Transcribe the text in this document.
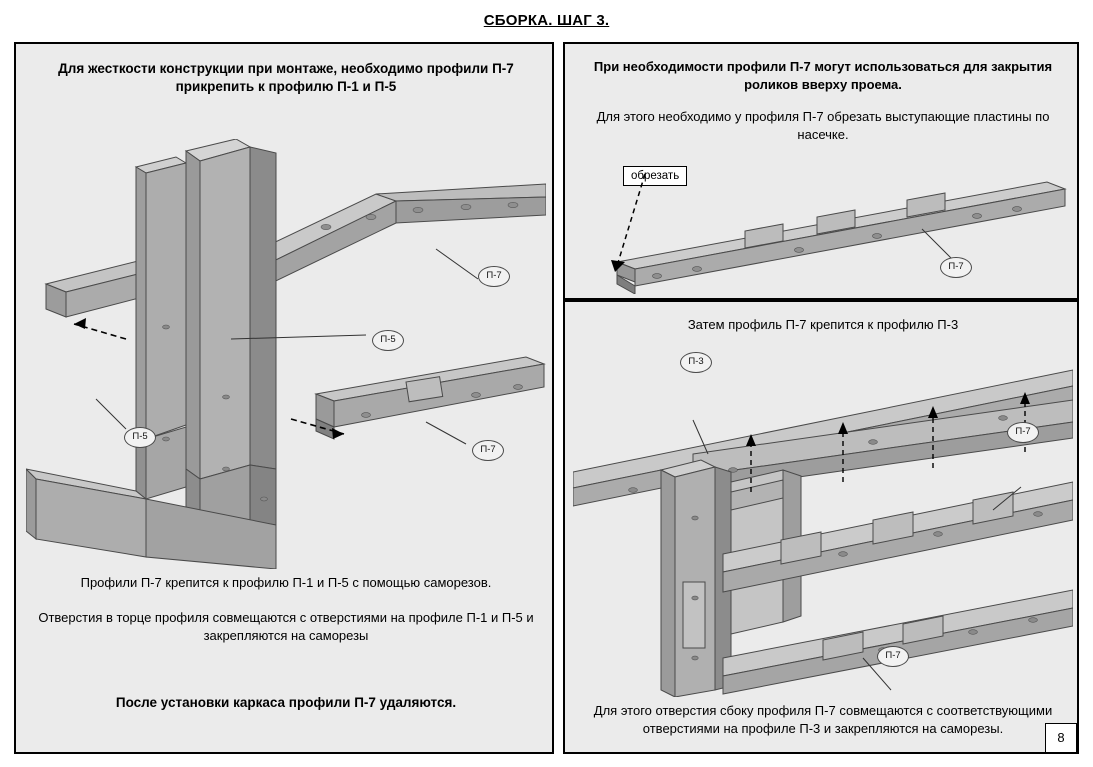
СБОРКА. ШАГ 3.
Для жесткости конструкции при монтаже, необходимо профили П-7 прикрепить к профилю П-1 и П-5
П-7
П-5
П-5
П-7
Профили П-7 крепится к профилю П-1 и П-5 с помощью саморезов.
Отверстия в торце профиля совмещаются с отверстиями на профиле П-1 и П-5 и закрепляются на саморезы
После установки каркаса профили П-7 удаляются.
При необходимости профили П-7 могут использоваться для закрытия роликов вверху проема.
Для этого необходимо у профиля П-7 обрезать выступающие пластины по насечке.
обрезать
П-7
Затем профиль П-7 крепится к профилю П-3
П-3
П-7
П-7
Для этого отверстия сбоку профиля П-7 совмещаются с соответствующими отверстиями на профиле П-3 и закрепляются на саморезы.
8
